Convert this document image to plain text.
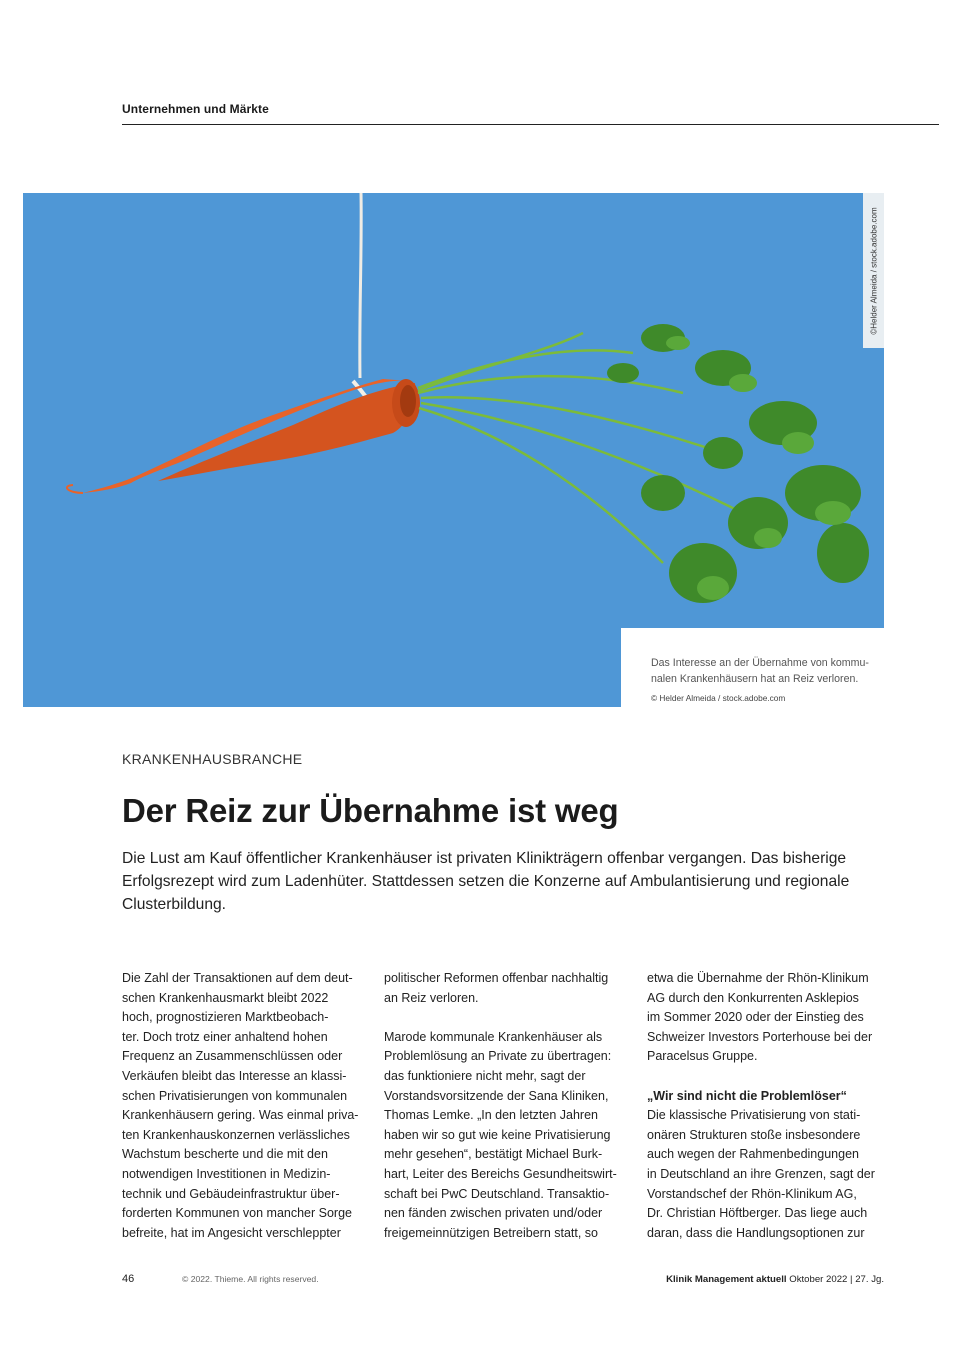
Unternehmen und Märkte
©Helder Almeida / stock.adobe.com
Das Interesse an der Übernahme von kommu-
nalen Krankenhäusern hat an Reiz verloren.
© Helder Almeida / stock.adobe.com
KRANKENHAUSBRANCHE
Der Reiz zur Übernahme ist weg
Die Lust am Kauf öffentlicher Krankenhäuser ist privaten Klinikträgern offenbar vergangen. Das bisherige
Erfolgsrezept wird zum Ladenhüter. Stattdessen setzen die Konzerne auf Ambulantisierung und regionale
Clusterbildung.
Die Zahl der Transaktionen auf dem deut-
schen Krankenhausmarkt bleibt 2022
hoch, prognostizieren Marktbeobach-
ter. Doch trotz einer anhaltend hohen
Frequenz an Zusammenschlüssen oder
Verkäufen bleibt das Interesse an klassi-
schen Privatisierungen von kommunalen
Krankenhäusern gering. Was einmal priva-
ten Krankenhauskonzernen verlässliches
Wachstum bescherte und die mit den
notwendigen Investitionen in Medizin-
technik und Gebäudeinfrastruktur über-
forderten Kommunen von mancher Sorge
befreite, hat im Angesicht verschleppter
politischer Reformen offenbar nachhaltig
an Reiz verloren.
Marode kommunale Krankenhäuser als
Problemlösung an Private zu übertragen:
das funktioniere nicht mehr, sagt der
Vorstandsvorsitzende der Sana Kliniken,
Thomas Lemke. „In den letzten Jahren
haben wir so gut wie keine Privatisierung
mehr gesehen“, bestätigt Michael Burk-
hart, Leiter des Bereichs Gesundheitswirt-
schaft bei PwC Deutschland. Transaktio-
nen fänden zwischen privaten und/oder
freigemeinnützigen Betreibern statt, so
etwa die Übernahme der Rhön-Klinikum
AG durch den Konkurrenten Asklepios
im Sommer 2020 oder der Einstieg des
Schweizer Investors Porterhouse bei der
Paracelsus Gruppe.
„Wir sind nicht die Problemlöser“
Die klassische Privatisierung von stati-
onären Strukturen stoße insbesondere
auch wegen der Rahmenbedingungen
in Deutschland an ihre Grenzen, sagt der
Vorstandschef der Rhön-Klinikum AG,
Dr. Christian Höftberger. Das liege auch
daran, dass die Handlungsoptionen zur
46	© 2022. Thieme. All rights reserved.	Klinik Management aktuell Oktober 2022 | 27. Jg.
